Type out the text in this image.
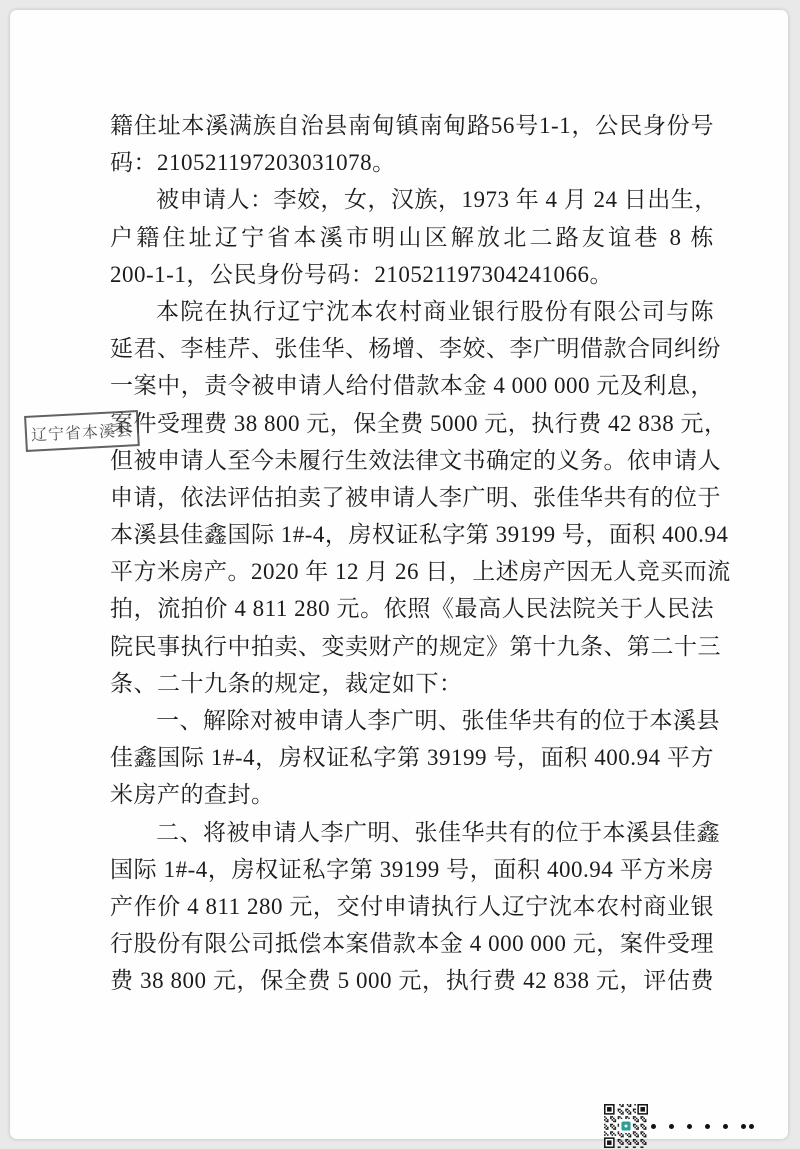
籍住址本溪满族自治县南甸镇南甸路56号1-1，公民身份号
码：210521197203031078。
被申请人：李姣，女，汉族，1973 年 4 月 24 日出生，
户籍住址辽宁省本溪市明山区解放北二路友谊巷 8 栋
200-1-1，公民身份号码：210521197304241066。
本院在执行辽宁沈本农村商业银行股份有限公司与陈
延君、李桂芹、张佳华、杨增、李姣、李广明借款合同纠纷
一案中，责令被申请人给付借款本金 4 000 000 元及利息，
案件受理费 38 800 元，保全费 5000 元，执行费 42 838 元，
但被申请人至今未履行生效法律文书确定的义务。依申请人
申请，依法评估拍卖了被申请人李广明、张佳华共有的位于
本溪县佳鑫国际 1#-4，房权证私字第 39199 号，面积 400.94
平方米房产。2020 年 12 月 26 日，上述房产因无人竞买而流
拍，流拍价 4 811 280 元。依照《最高人民法院关于人民法
院民事执行中拍卖、变卖财产的规定》第十九条、第二十三
条、二十九条的规定，裁定如下：
一、解除对被申请人李广明、张佳华共有的位于本溪县
佳鑫国际 1#-4，房权证私字第 39199 号，面积 400.94 平方
米房产的查封。
二、将被申请人李广明、张佳华共有的位于本溪县佳鑫
国际 1#-4，房权证私字第 39199 号，面积 400.94 平方米房
产作价 4 811 280 元，交付申请执行人辽宁沈本农村商业银
行股份有限公司抵偿本案借款本金 4 000 000 元，案件受理
费 38 800 元，保全费 5 000 元，执行费 42 838 元，评估费
辽宁省本溪县
